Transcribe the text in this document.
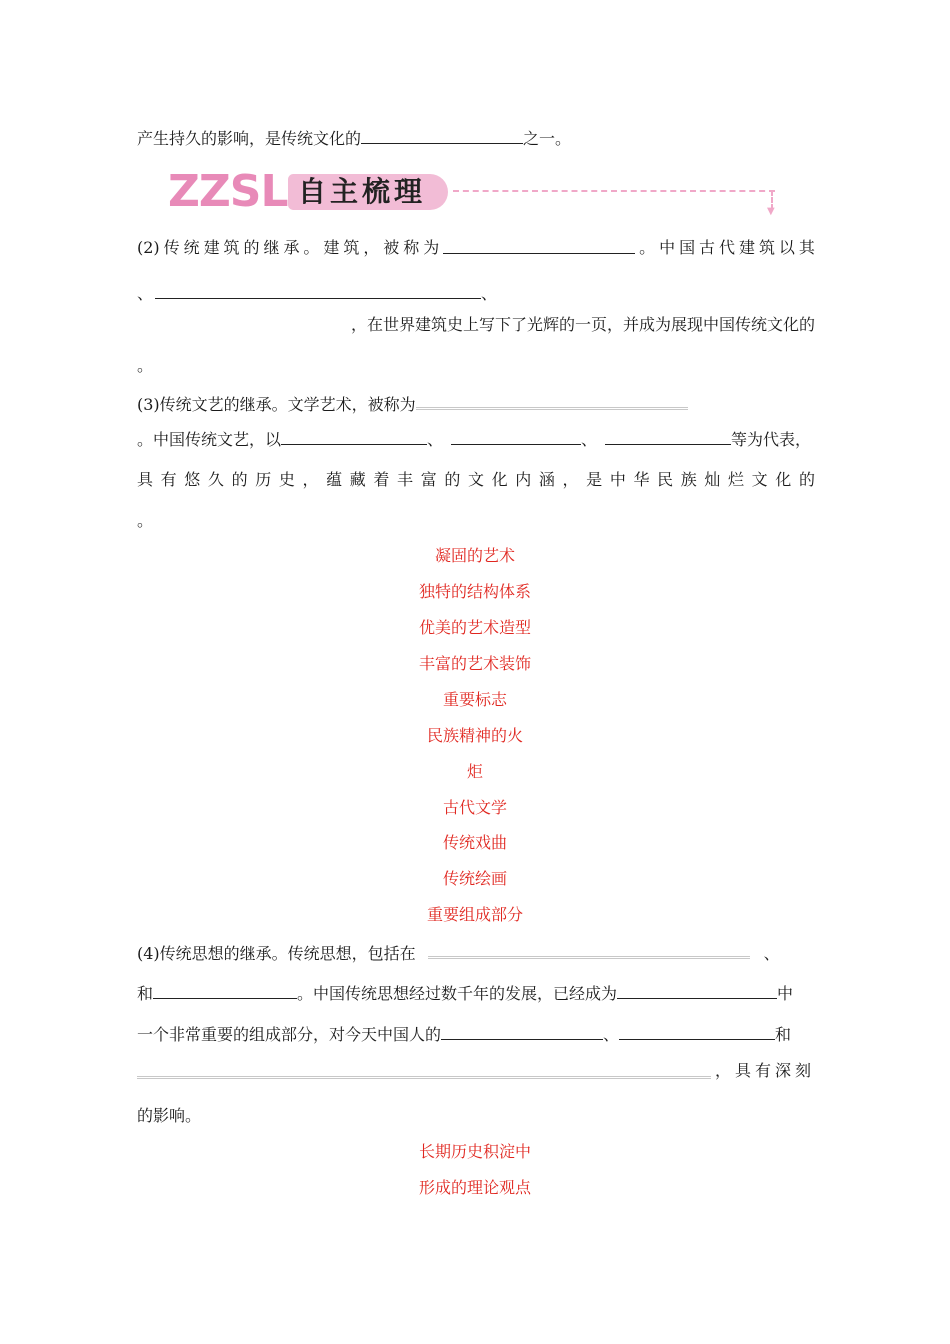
产生持久的影响，是传统文化的	之一。
ZZSL 自主梳理
▼
(2) 传 统 建 筑 的 继 承 。 建 筑 ， 被 称 为	。 中 国 古 代 建 筑 以 其
、	、
，在世界建筑史上写下了光辉的一页，并成为展现中国传统文化的
。
(3)传统文艺的继承。文学艺术，被称为
。中国传统文艺，以	、	、	等为代表，
具 有 悠 久 的 历 史 ， 蕴 藏 着 丰 富 的 文 化 内 涵 ， 是 中 华 民 族 灿 烂 文 化 的
。
凝固的艺术
独特的结构体系
优美的艺术造型
丰富的艺术装饰
重要标志
民族精神的火
炬
古代文学
传统戏曲
传统绘画
重要组成部分
(4)传统思想的继承。传统思想，包括在	、
和	。中国传统思想经过数千年的发展，已经成为	中
一个非常重要的组成部分，对今天中国人的	、	和
，具有深刻
的影响。
长期历史积淀中
形成的理论观点
